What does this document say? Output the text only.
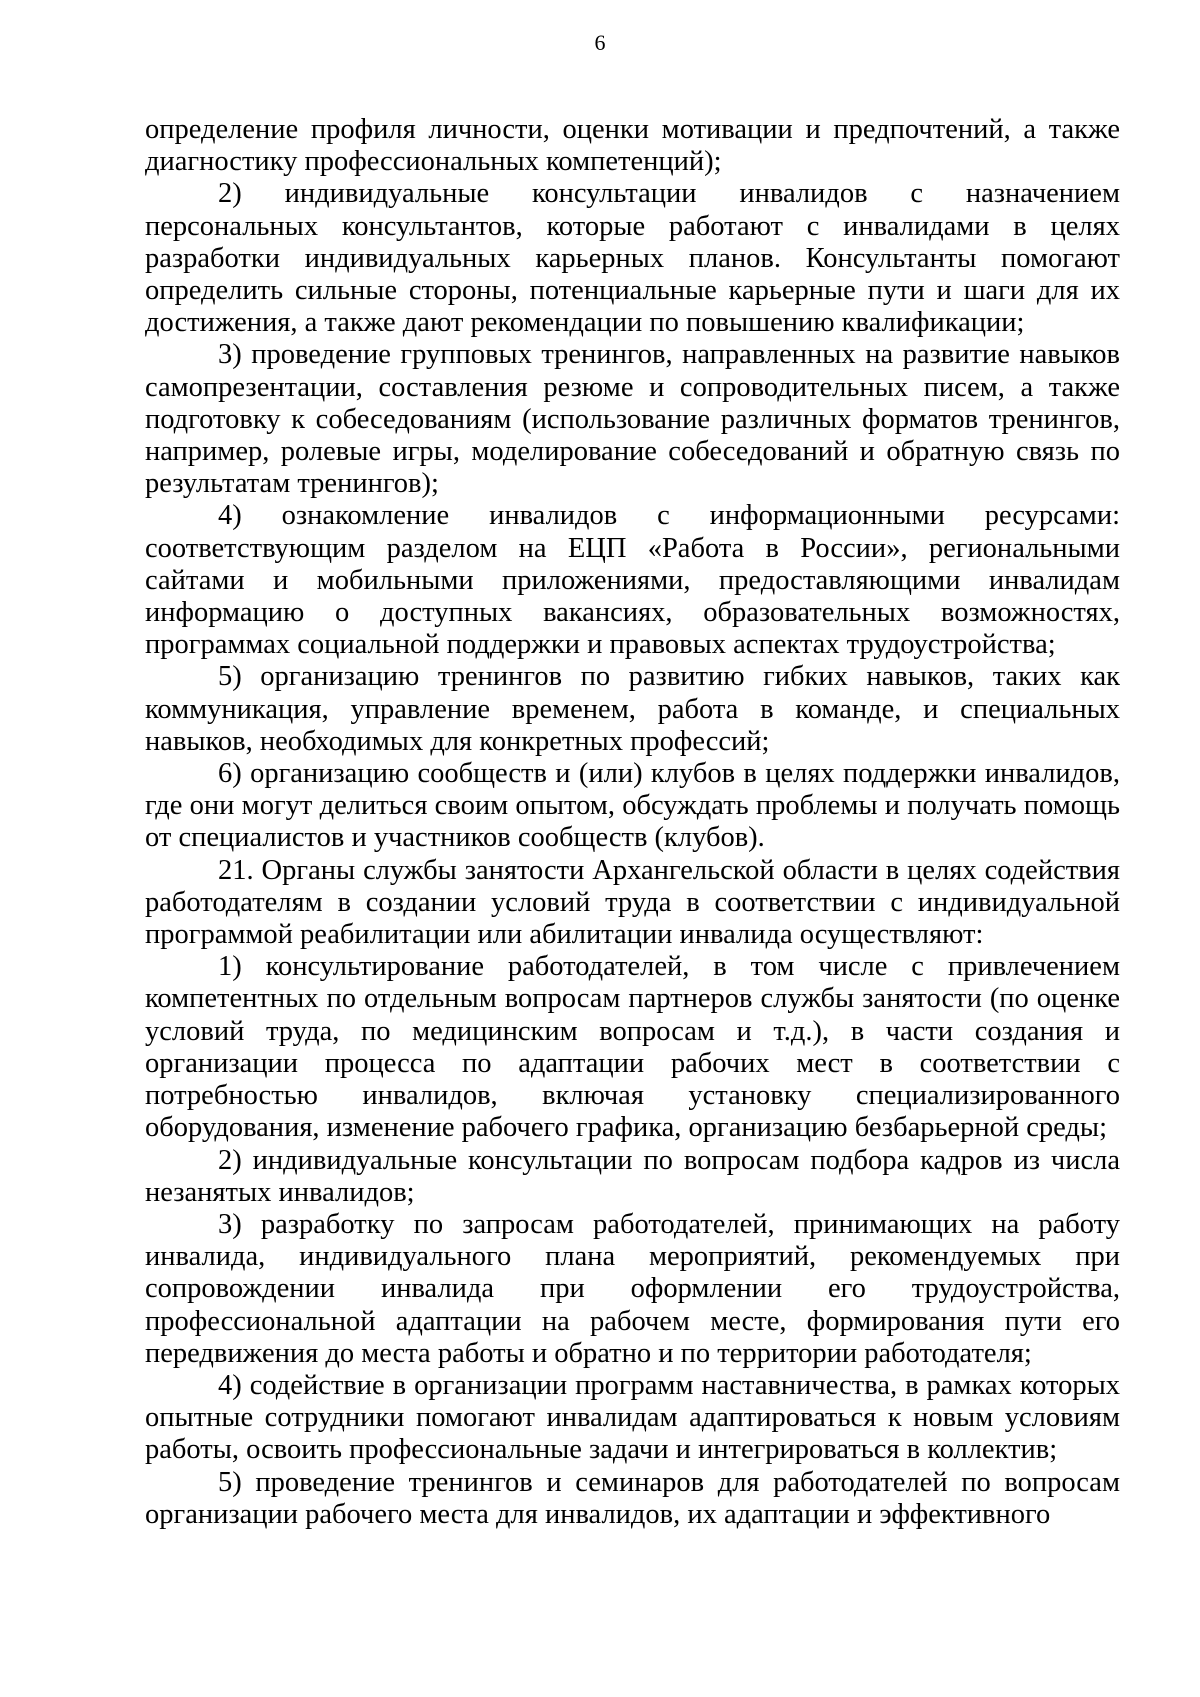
6

определение профиля личности, оценки мотивации и предпочтений, а также диагностику профессиональных компетенций);

2) индивидуальные консультации инвалидов с назначением персональных консультантов, которые работают с инвалидами в целях разработки индивидуальных карьерных планов. Консультанты помогают определить сильные стороны, потенциальные карьерные пути и шаги для их достижения, а также дают рекомендации по повышению квалификации;

3) проведение групповых тренингов, направленных на развитие навыков самопрезентации, составления резюме и сопроводительных писем, а также подготовку к собеседованиям (использование различных форматов тренингов, например, ролевые игры, моделирование собеседований и обратную связь по результатам тренингов);

4) ознакомление инвалидов с информационными ресурсами: соответствующим разделом на ЕЦП «Работа в России», региональными сайтами и мобильными приложениями, предоставляющими инвалидам информацию о доступных вакансиях, образовательных возможностях, программах социальной поддержки и правовых аспектах трудоустройства;

5) организацию тренингов по развитию гибких навыков, таких как коммуникация, управление временем, работа в команде, и специальных навыков, необходимых для конкретных профессий;

6) организацию сообществ и (или) клубов в целях поддержки инвалидов, где они могут делиться своим опытом, обсуждать проблемы и получать помощь от специалистов и участников сообществ (клубов).

21. Органы службы занятости Архангельской области в целях содействия работодателям в создании условий труда в соответствии с индивидуальной программой реабилитации или абилитации инвалида осуществляют:

1) консультирование работодателей, в том числе с привлечением компетентных по отдельным вопросам партнеров службы занятости (по оценке условий труда, по медицинским вопросам и т.д.), в части создания и организации процесса по адаптации рабочих мест в соответствии с потребностью инвалидов, включая установку специализированного оборудования, изменение рабочего графика, организацию безбарьерной среды;

2) индивидуальные консультации по вопросам подбора кадров из числа незанятых инвалидов;

3) разработку по запросам работодателей, принимающих на работу инвалида, индивидуального плана мероприятий, рекомендуемых при сопровождении инвалида при оформлении его трудоустройства, профессиональной адаптации на рабочем месте, формирования пути его передвижения до места работы и обратно и по территории работодателя;

4) содействие в организации программ наставничества, в рамках которых опытные сотрудники помогают инвалидам адаптироваться к новым условиям работы, освоить профессиональные задачи и интегрироваться в коллектив;

5) проведение тренингов и семинаров для работодателей по вопросам организации рабочего места для инвалидов, их адаптации и эффективного
